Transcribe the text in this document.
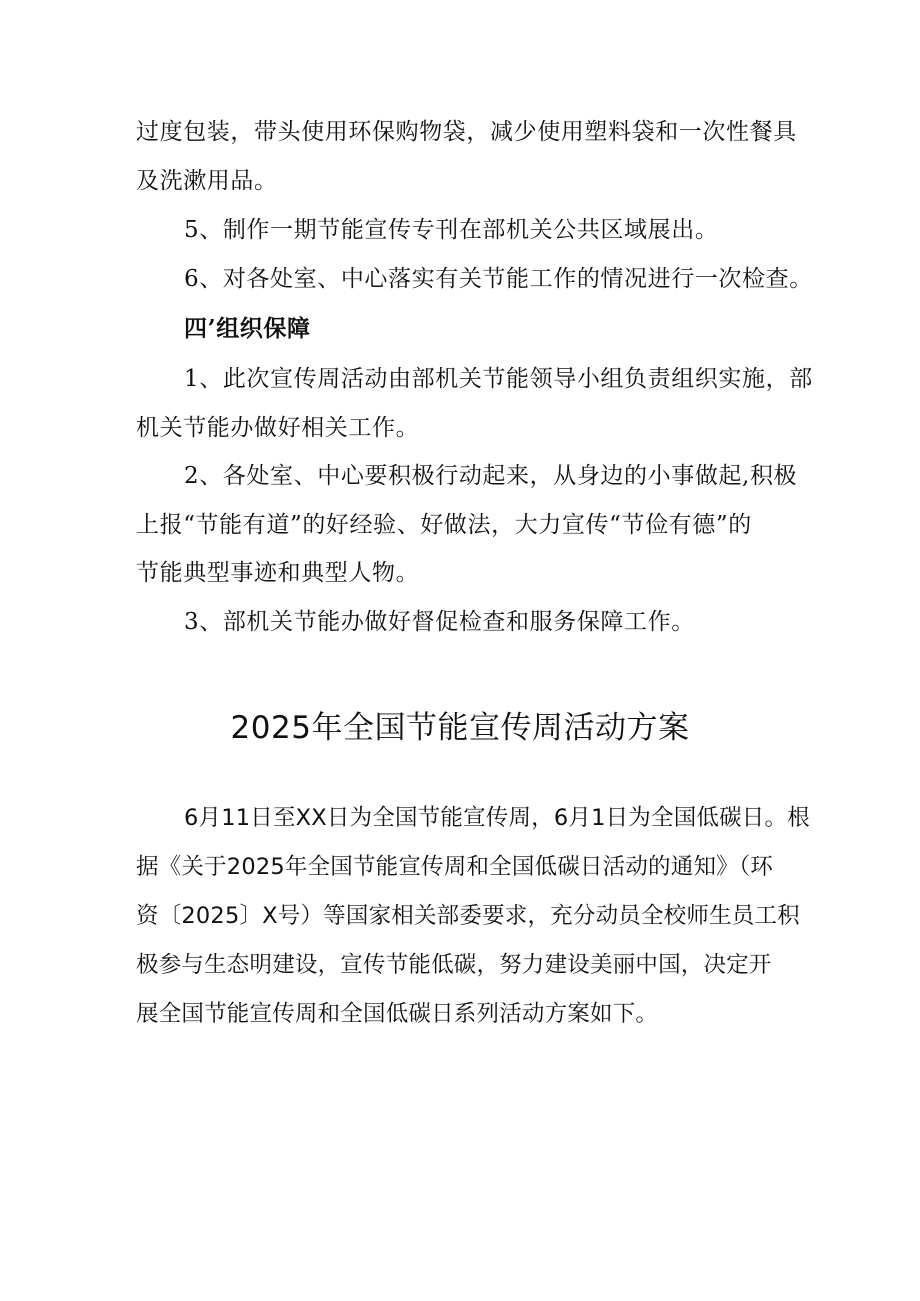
过度包装，带头使用环保购物袋，减少使用塑料袋和一次性餐具
及洗漱用品。
5、制作一期节能宣传专刊在部机关公共区域展出。
6、对各处室、中心落实有关节能工作的情况进行一次检查。
四’组织保障
1、此次宣传周活动由部机关节能领导小组负责组织实施，部
机关节能办做好相关工作。
2、各处室、中心要积极行动起来，从身边的小事做起,积极
上报“节能有道”的好经验、好做法，大力宣传“节俭有德”的
节能典型事迹和典型人物。
3、部机关节能办做好督促检查和服务保障工作。
2025年全国节能宣传周活动方案
6月11日至XX日为全国节能宣传周，6月1日为全国低碳日。根
据《关于2025年全国节能宣传周和全国低碳日活动的通知》（环
资〔2025〕X号）等国家相关部委要求，充分动员全校师生员工积
极参与生态明建设，宣传节能低碳，努力建设美丽中国，决定开
展全国节能宣传周和全国低碳日系列活动方案如下。
